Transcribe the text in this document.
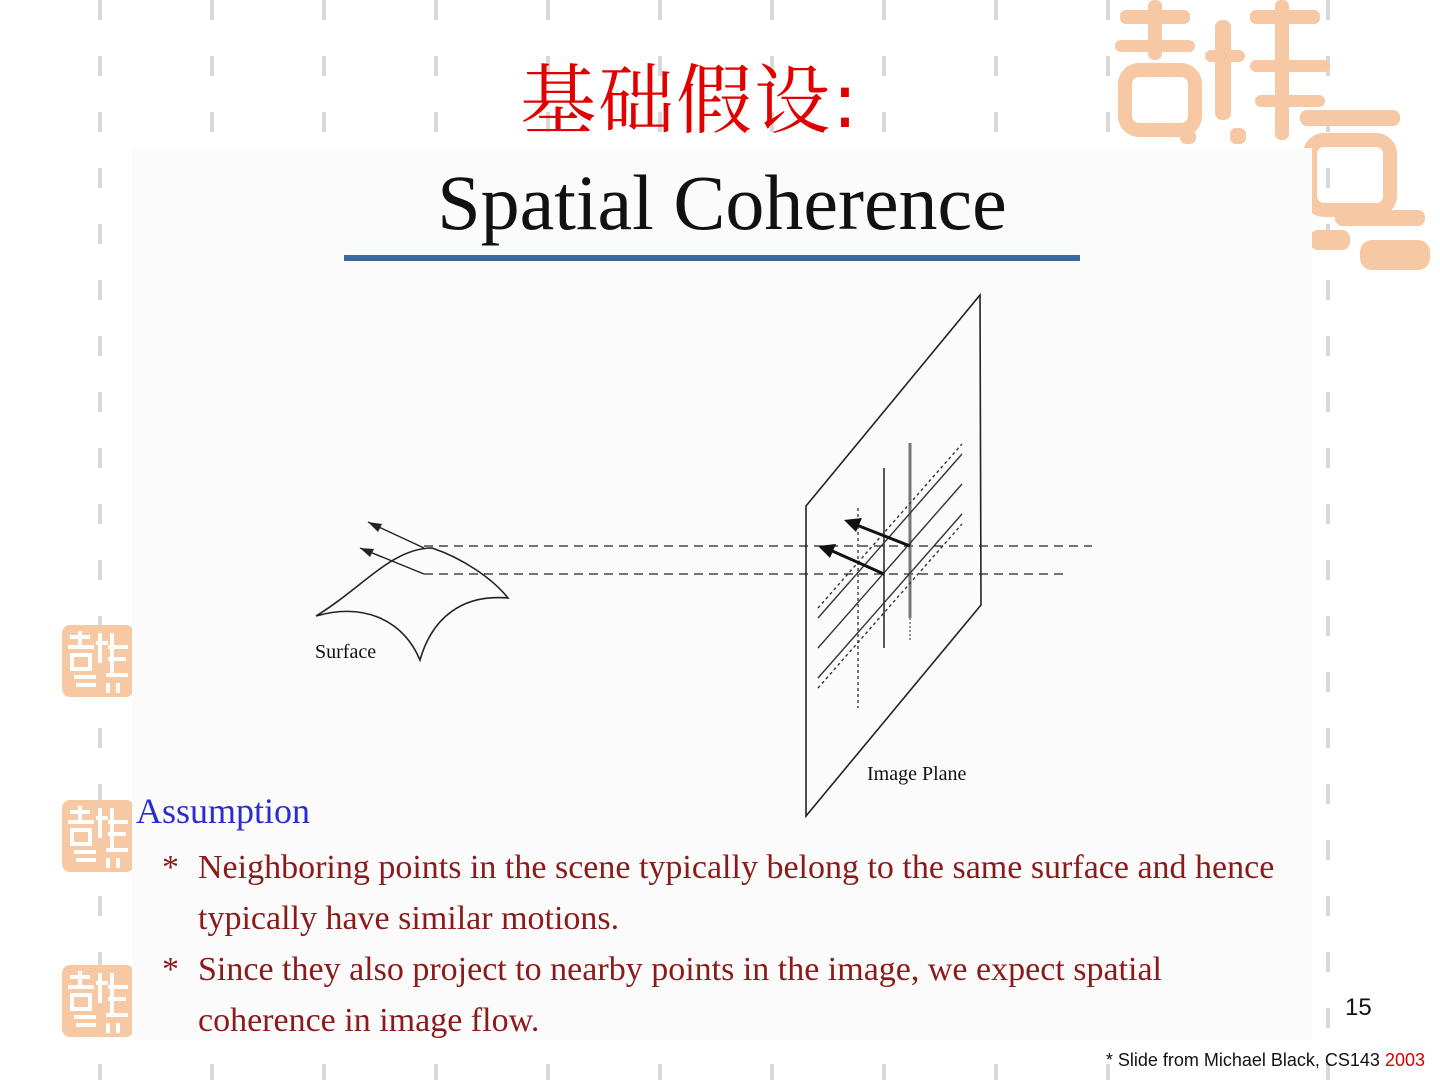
基础假设:
Spatial Coherence
Surface
Image Plane
Assumption
* Neighboring points in the scene typically belong to the same surface and hence typically have similar motions.
* Since they also project to nearby points in the image, we expect spatial coherence in image flow.	15
* Slide from Michael Black, CS143 2003
